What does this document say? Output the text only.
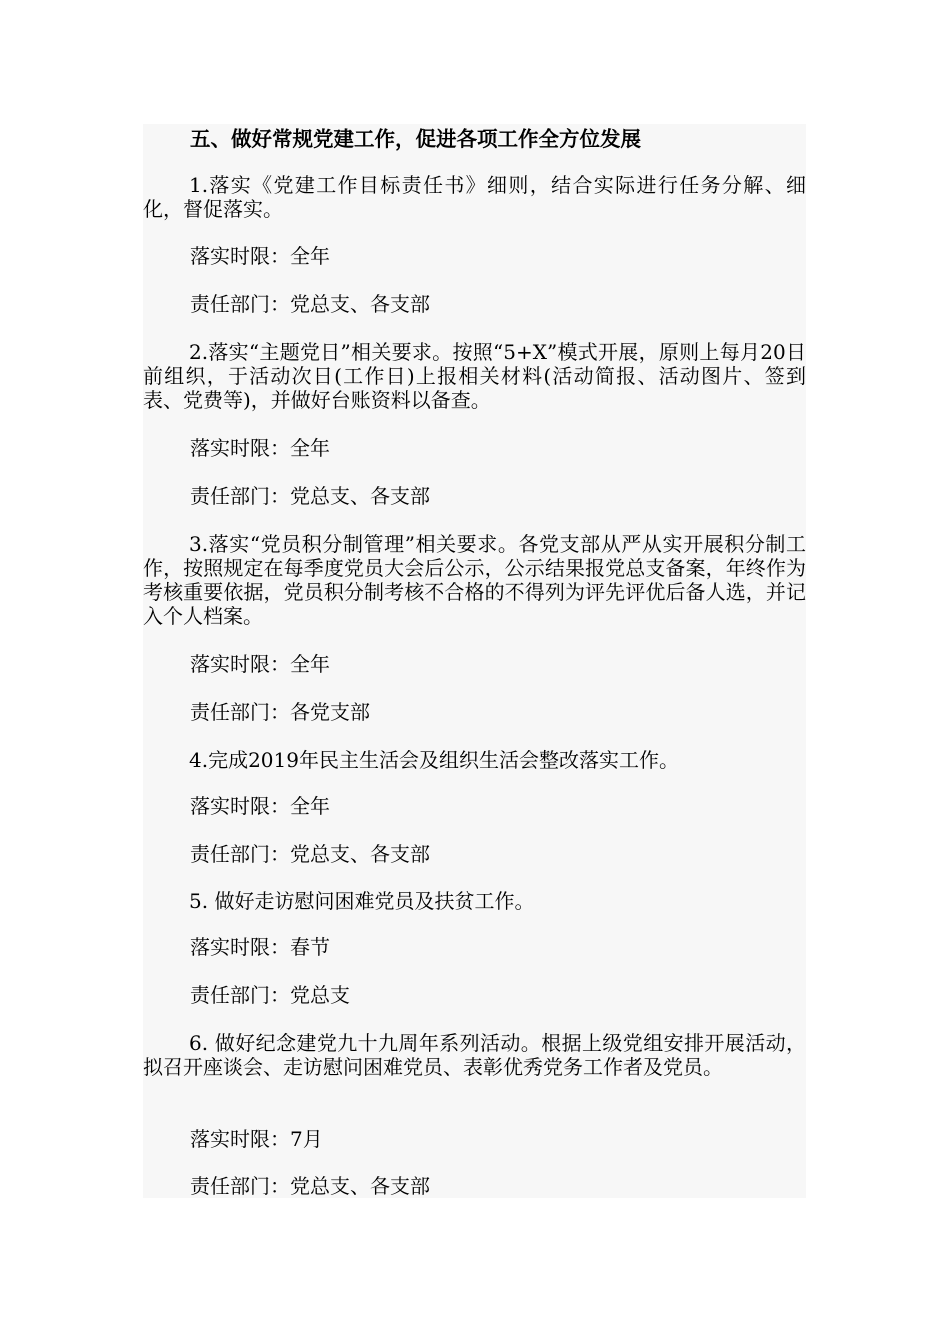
五、做好常规党建工作，促进各项工作全方位发展

1.落实《党建工作目标责任书》细则，结合实际进行任务分解、细化，督促落实。

落实时限：全年
责任部门：党总支、各支部

2.落实“主题党日”相关要求。按照“5+X”模式开展，原则上每月20日前组织，于活动次日(工作日)上报相关材料(活动简报、活动图片、签到表、党费等)，并做好台账资料以备查。

落实时限：全年
责任部门：党总支、各支部

3.落实“党员积分制管理”相关要求。各党支部从严从实开展积分制工作，按照规定在每季度党员大会后公示，公示结果报党总支备案，年终作为考核重要依据，党员积分制考核不合格的不得列为评先评优后备人选，并记入个人档案。

落实时限：全年
责任部门：各党支部

4.完成2019年民主生活会及组织生活会整改落实工作。

落实时限：全年
责任部门：党总支、各支部

5. 做好走访慰问困难党员及扶贫工作。

落实时限：春节
责任部门：党总支

6. 做好纪念建党九十九周年系列活动。根据上级党组安排开展活动，拟召开座谈会、走访慰问困难党员、表彰优秀党务工作者及党员。

落实时限：7月
责任部门：党总支、各支部
